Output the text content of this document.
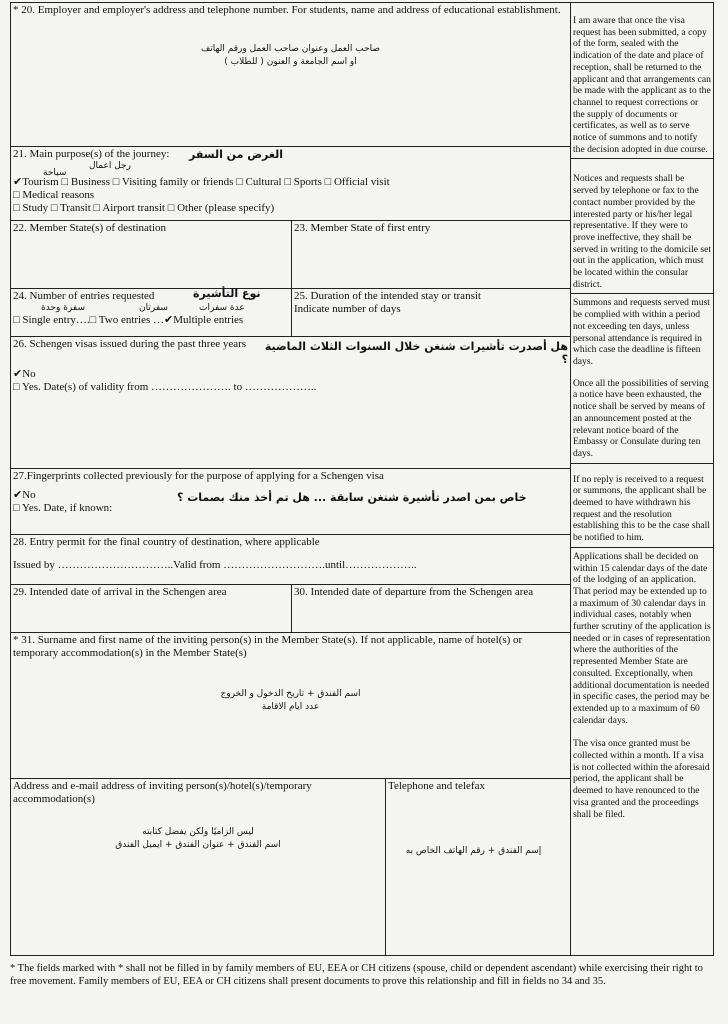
* 20. Employer and employer's address and telephone number. For students, name and address of educational establishment.
صاحب العمل وعنوان صاحب العمل ورقم الهاتف
او اسم الجامعة و العنون ( للطلاب )
21. Main purpose(s) of the journey: الغرض من السفر
رجل اعمال
سياحة
✔Tourism □ Business □ Visiting family or friends □ Cultural □ Sports □ Official visit
□ Medical reasons
□ Study □ Transit □ Airport transit □ Other (please specify)
22. Member State(s) of destination	23. Member State of first entry
24. Number of entries requested	نوع التأشيرة
سفرة وحدة	سفرتان	عدة سفرات
□ Single entry….□ Two entries …✔Multiple entries
25. Duration of the intended stay or transit
Indicate number of days
26. Schengen visas issued during the past three years	هل أصدرت تأشيرات شنغن خلال السنوات الثلاث الماضية ؟
✔No
□ Yes. Date(s) of validity from …………………. to ………………..
27.Fingerprints collected previously for the purpose of applying for a Schengen visa
✔No
□ Yes. Date, if known:
خاص بمن اصدر تأشيرة شنغن سابقة ... هل تم أخذ منك بصمات ؟
28. Entry permit for the final country of destination, where applicable
Issued by …………………………..Valid from ……………………….until………………..
29. Intended date of arrival in the Schengen area	30. Intended date of departure from the Schengen area
* 31. Surname and first name of the inviting person(s) in the Member State(s). If not applicable, name of hotel(s) or temporary accommodation(s) in the Member State(s)
اسم الفندق + تاريخ الدخول و الخروج
عدد ايام الاقامة
Address and e-mail address of inviting person(s)/hotel(s)/temporary accommodation(s)
ليس الزاميًا ولكن يفضل كتابته
اسم الفندق + عنوان الفندق + ايميل الفندق
Telephone and telefax
إسم الفندق + رقم الهاتف الخاص به

I am aware that once the visa request has been submitted, a copy of the form, sealed with the indication of the date and place of reception, shall be returned to the applicant and that arrangements can be made with the applicant as to the channel to request corrections or the supply of documents or certificates, as well as to serve notice of summons and to notify the decision adopted in due course.

Notices and requests shall be served by telephone or fax to the contact number provided by the interested party or his/her legal representative. If they were to prove ineffective, they shall be served in writing to the domicile set out in the application, which must be located within the consular district.

Summons and requests served must be complied with within a period not exceeding ten days, unless personal attendance is required in which case the deadline is fifteen days.

Once all the possibilities of serving a notice have been exhausted, the notice shall be served by means of an announcement posted at the relevant notice board of the Embassy or Consulate during ten days.

If no reply is received to a request or summons, the applicant shall be deemed to have withdrawn his request and the resolution establishing this to be the case shall be notified to him.

Applications shall be decided on within 15 calendar days of the date of the lodging of an application. That period may be extended up to a maximum of 30 calendar days in individual cases, notably when further scrutiny of the application is needed or in cases of representation where the authorities of the represented Member State are consulted. Exceptionally, when additional documentation is needed in specific cases, the period may be extended up to a maximum of 60 calendar days.

The visa once granted must be collected within a month. If a visa is not collected within the aforesaid period, the applicant shall be deemed to have renounced to the visa granted and the proceedings shall be filed.

* The fields marked with * shall not be filled in by family members of EU, EEA or CH citizens (spouse, child or dependent ascendant) while exercising their right to free movement. Family members of EU, EEA or CH citizens shall present documents to prove this relationship and fill in fields no 34 and 35.
